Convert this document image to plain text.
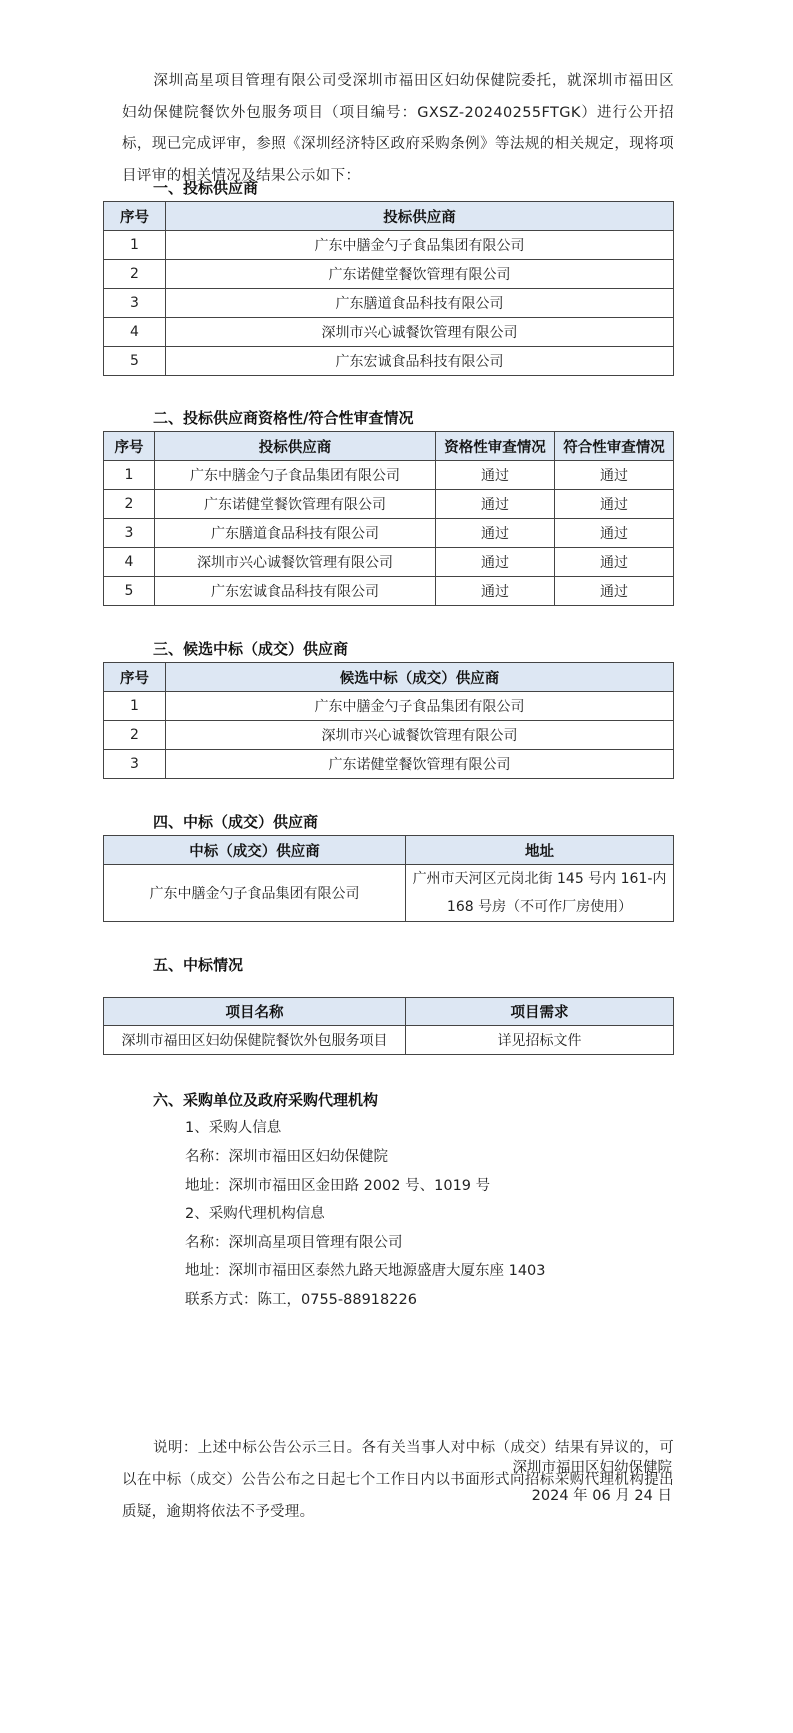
深圳高星项目管理有限公司受深圳市福田区妇幼保健院委托，就深圳市福田区妇幼保健院餐饮外包服务项目（项目编号：GXSZ-20240255FTGK）进行公开招标，现已完成评审，参照《深圳经济特区政府采购条例》等法规的相关规定，现将项目评审的相关情况及结果公示如下：
一、投标供应商
序号	投标供应商
1	广东中膳金勺子食品集团有限公司
2	广东诺健堂餐饮管理有限公司
3	广东膳道食品科技有限公司
4	深圳市兴心诚餐饮管理有限公司
5	广东宏诚食品科技有限公司
二、投标供应商资格性/符合性审查情况
序号	投标供应商	资格性审查情况	符合性审查情况
1	广东中膳金勺子食品集团有限公司	通过	通过
2	广东诺健堂餐饮管理有限公司	通过	通过
3	广东膳道食品科技有限公司	通过	通过
4	深圳市兴心诚餐饮管理有限公司	通过	通过
5	广东宏诚食品科技有限公司	通过	通过
三、候选中标（成交）供应商
序号	候选中标（成交）供应商
1	广东中膳金勺子食品集团有限公司
2	深圳市兴心诚餐饮管理有限公司
3	广东诺健堂餐饮管理有限公司
四、中标（成交）供应商
中标（成交）供应商	地址
广东中膳金勺子食品集团有限公司	广州市天河区元岗北街 145 号内 161-内
168 号房（不可作厂房使用）
五、中标情况
项目名称	项目需求
深圳市福田区妇幼保健院餐饮外包服务项目	详见招标文件
六、采购单位及政府采购代理机构
1、采购人信息
名称：深圳市福田区妇幼保健院
地址：深圳市福田区金田路 2002 号、1019 号
2、采购代理机构信息
名称：深圳高星项目管理有限公司
地址：深圳市福田区泰然九路天地源盛唐大厦东座 1403
联系方式：陈工，0755-88918226
说明：上述中标公告公示三日。各有关当事人对中标（成交）结果有异议的，可以在中标（成交）公告公布之日起七个工作日内以书面形式向招标采购代理机构提出质疑，逾期将依法不予受理。
深圳市福田区妇幼保健院
2024 年 06 月 24 日
